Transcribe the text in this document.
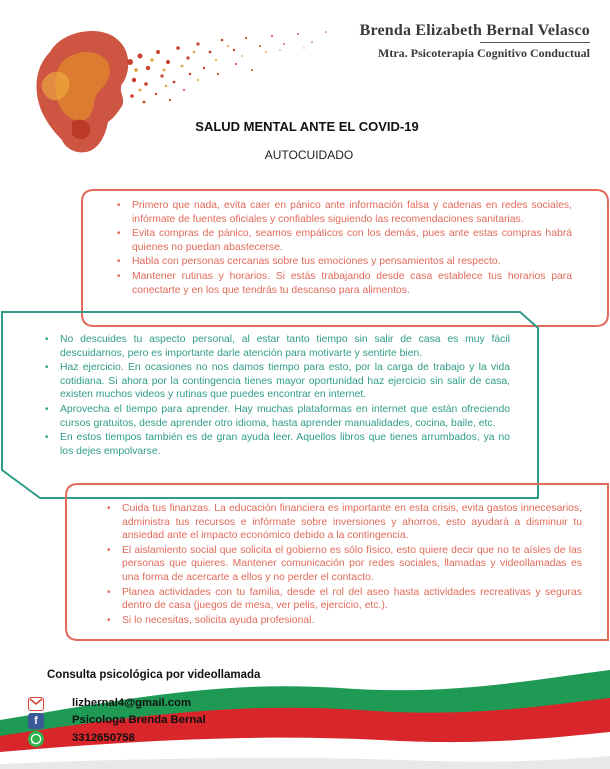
Brenda Elizabeth Bernal Velasco
Mtra. Psicoterapia Cognitivo Conductual
SALUD MENTAL ANTE EL COVID-19
AUTOCUIDADO
• Primero que nada, evita caer en pánico ante información falsa y cadenas en redes sociales, infórmate de fuentes oficiales y confiables siguiendo las recomendaciones sanitarias.
• Evita compras de pánico, seamos empáticos con los demás, pues ante estas compras habrá quienes no puedan abastecerse.
• Habla con personas cercanas sobre tus emociones y pensamientos al respecto.
• Mantener rutinas y horarios. Si estás trabajando desde casa establece tus horarios para conectarte y en los que tendrás tu descanso para alimentos.
• No descuides tu aspecto personal, al estar tanto tiempo sin salir de casa es muy fácil descuidarnos, pero es importante darle atención para motivarte y sentirte bien.
• Haz ejercicio. En ocasiones no nos damos tiempo para esto, por la carga de trabajo y la vida cotidiana. Si ahora por la contingencia tienes mayor oportunidad haz ejercicio sin salir de casa, existen muchos videos y rutinas que puedes encontrar en internet.
• Aprovecha el tiempo para aprender. Hay muchas plataformas en internet que están ofreciendo cursos gratuitos, desde aprender otro idioma, hasta aprender manualidades, cocina, baile, etc.
• En estos tiempos también es de gran ayuda leer. Aquellos libros que tienes arrumbados, ya no los dejes empolvarse.
• Cuida tus finanzas. La educación financiera es importante en esta crisis, evita gastos innecesarios, administra tus recursos e infórmate sobre inversiones y ahorros, esto ayudará a disminuir tu ansiedad ante el impacto económico debido a la contingencia.
• El aislamiento social que solicita el gobierno es sólo físico, esto quiere decir que no te aísles de las personas que quieres. Mantener comunicación por redes sociales, llamadas y videollamadas es una forma de acercarte a ellos y no perder el contacto.
• Planea actividades con tu familia, desde el rol del aseo hasta actividades recreativas y seguras dentro de casa (juegos de mesa, ver pelis, ejercicio, etc.).
• Si lo necesitas, solicita ayuda profesional.
Consulta psicológica por videollamada
lizbernal4@gmail.com
f	Psicologa Brenda Bernal
3312650758
